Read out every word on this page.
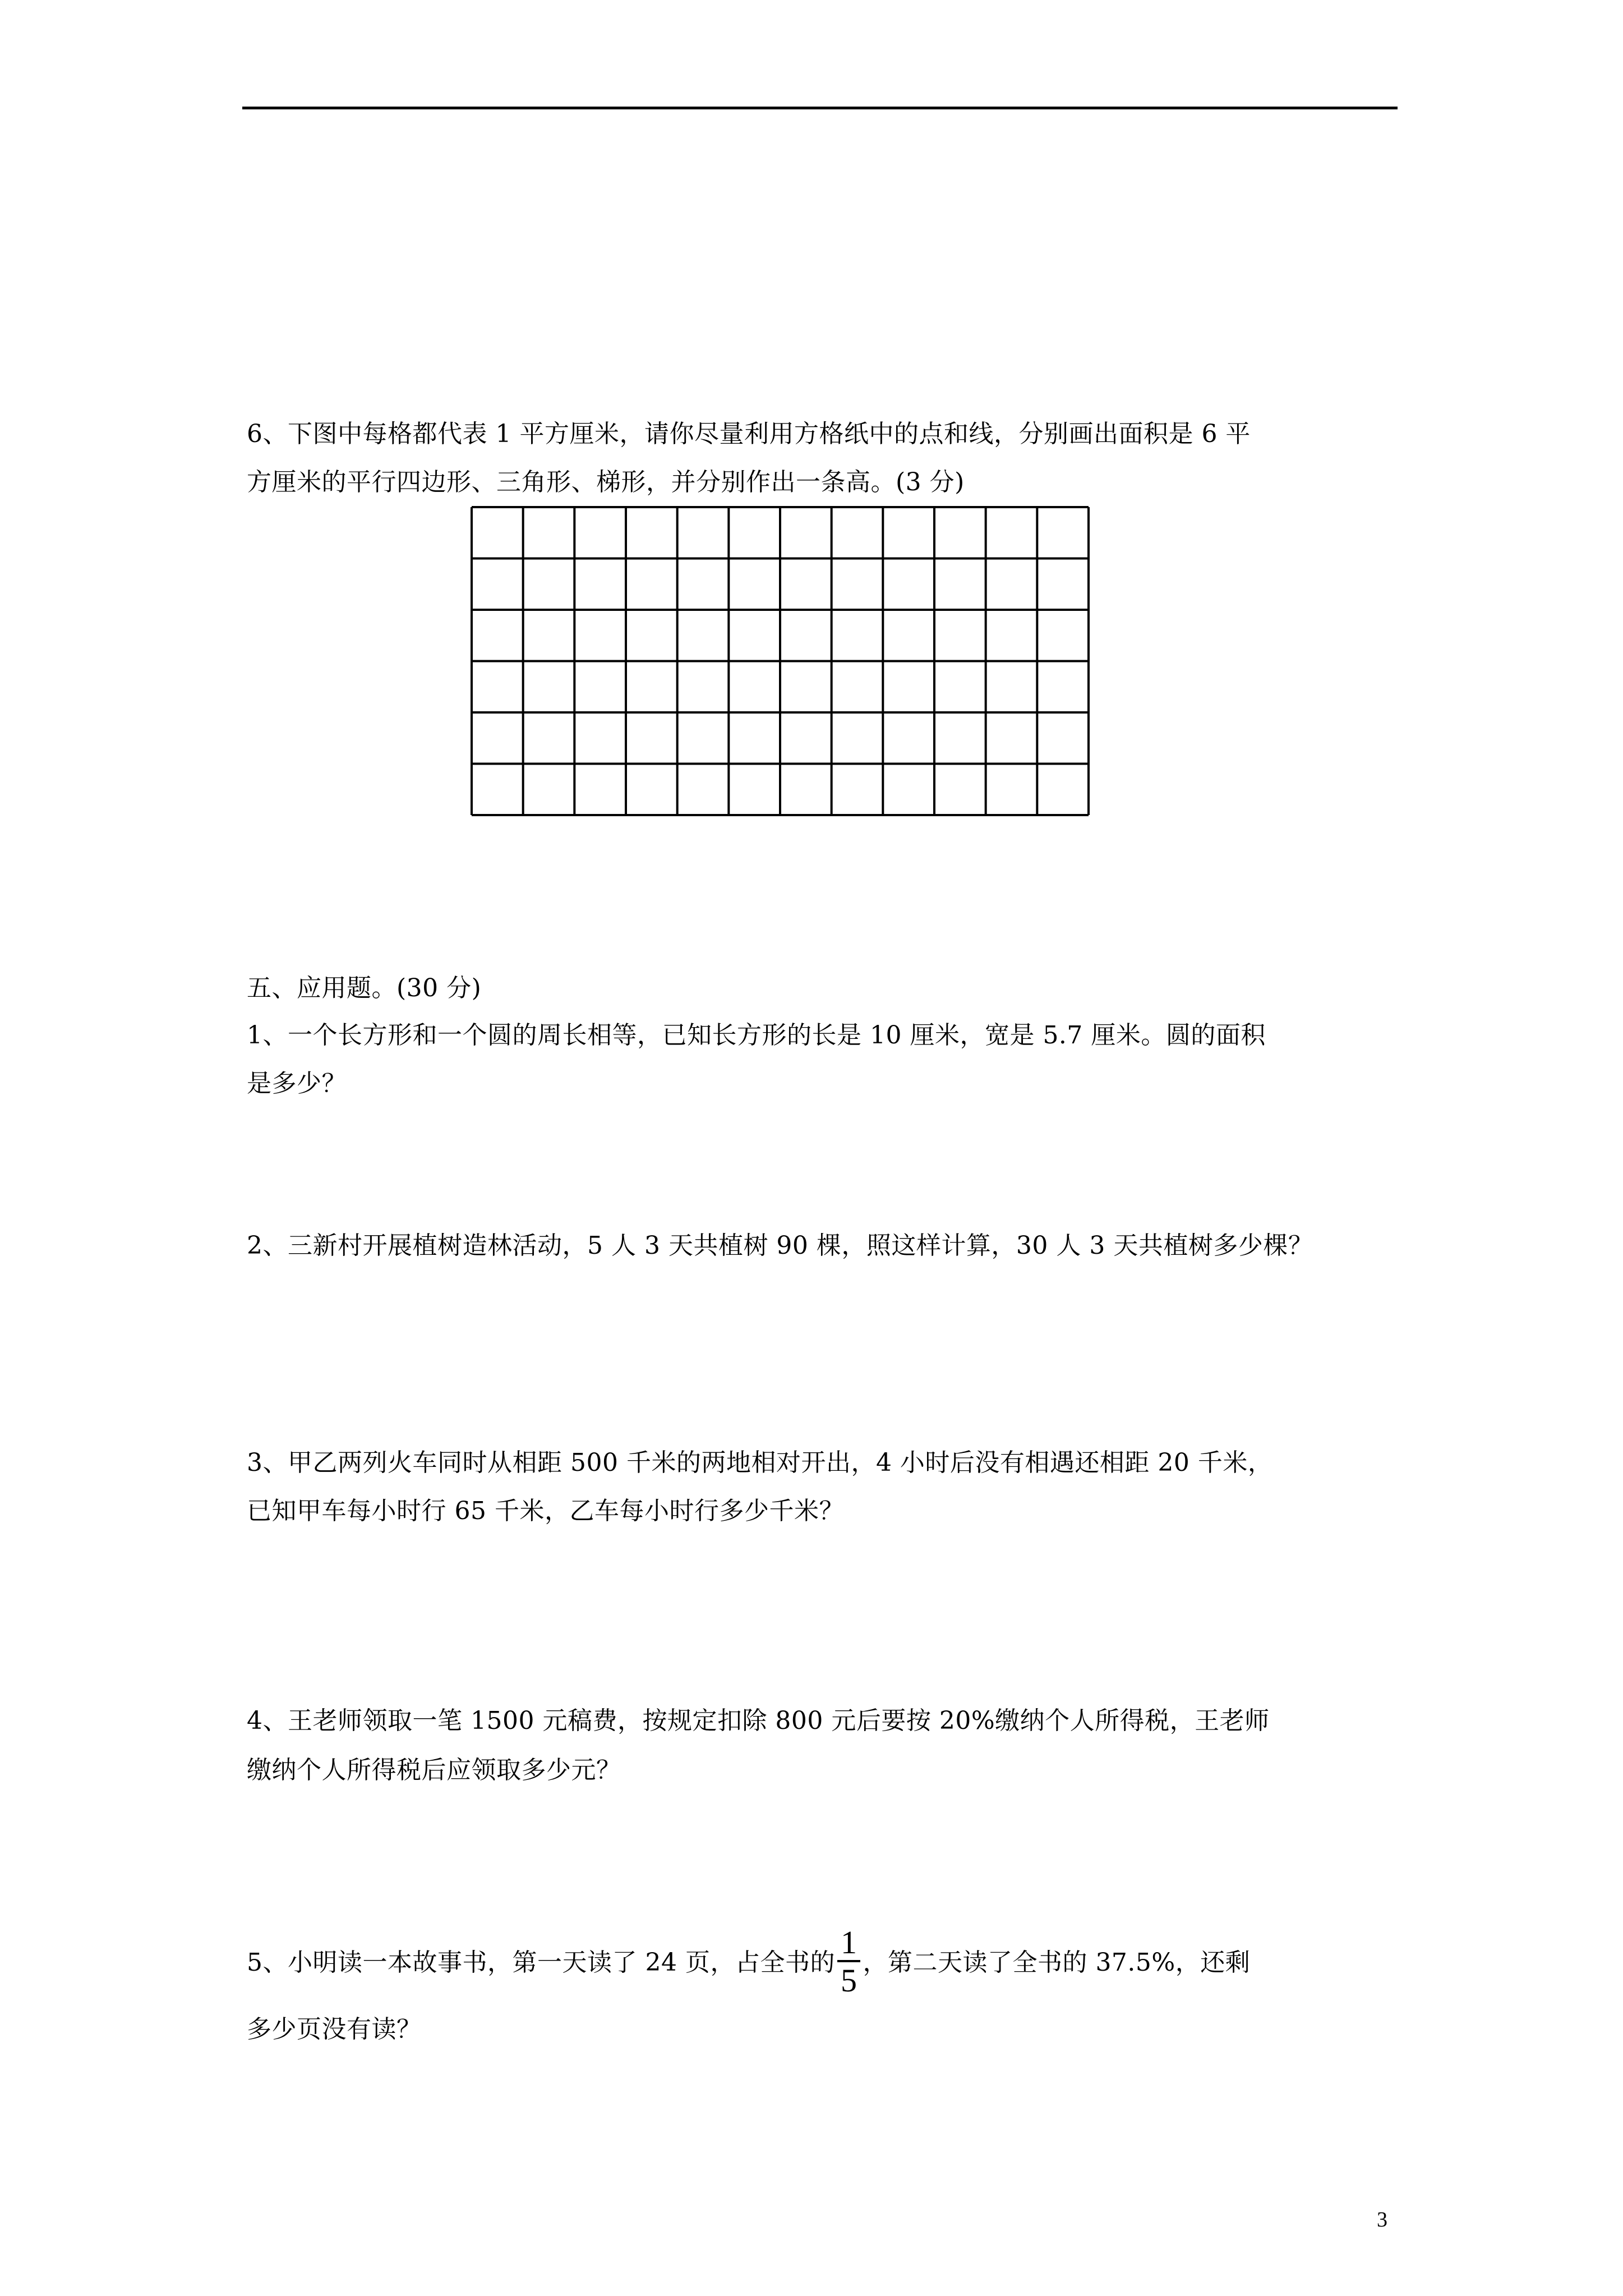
6、下图中每格都代表 1 平方厘米，请你尽量利用方格纸中的点和线，分别画出面积是 6 平
方厘米的平行四边形、三角形、梯形，并分别作出一条高。(3 分)
五、应用题。(30 分)
1、一个长方形和一个圆的周长相等，已知长方形的长是 10 厘米，宽是 5.7 厘米。圆的面积
是多少？
2、三新村开展植树造林活动，5 人 3 天共植树 90 棵，照这样计算，30 人 3 天共植树多少棵？
3、甲乙两列火车同时从相距 500 千米的两地相对开出，4 小时后没有相遇还相距 20 千米，
已知甲车每小时行 65 千米，乙车每小时行多少千米？
4、王老师领取一笔 1500 元稿费，按规定扣除 800 元后要按 20%缴纳个人所得税，王老师
缴纳个人所得税后应领取多少元？
5、小明读一本故事书，第一天读了 24 页，占全书的 $\frac{1}{5}$ ，第二天读了全书的 37.5%，还剩
多少页没有读？
3
